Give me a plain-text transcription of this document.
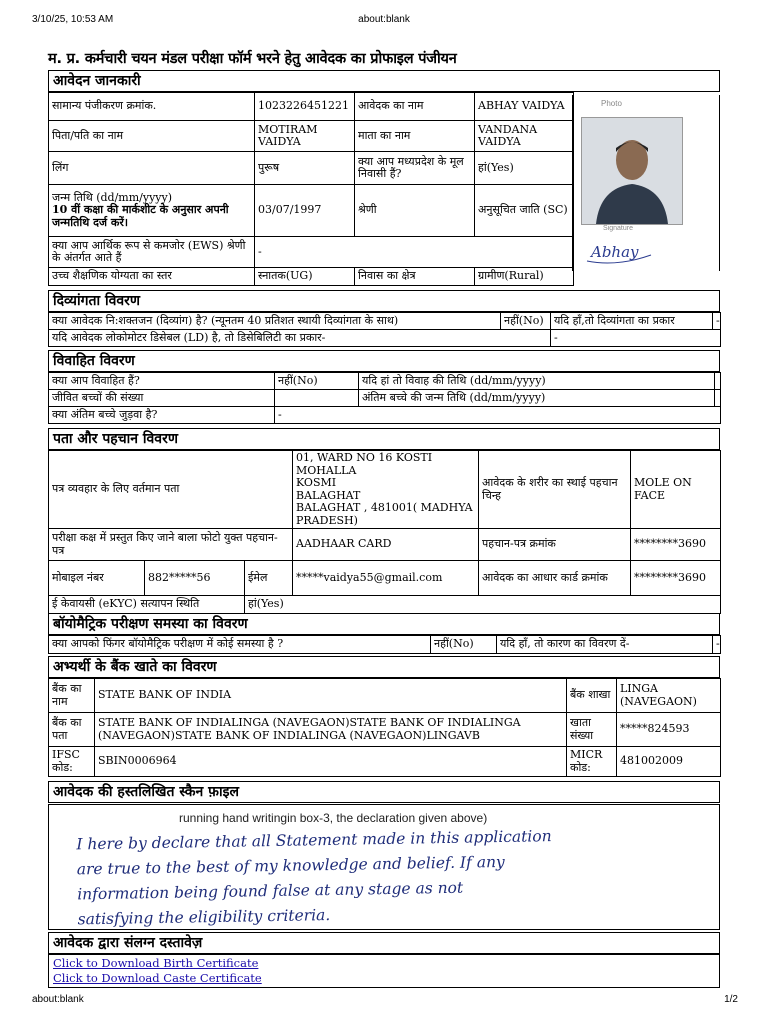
3/10/25, 10:53 AM	about:blank
म. प्र. कर्मचारी चयन मंडल परीक्षा फॉर्म भरने हेतु आवेदक का प्रोफाइल पंजीयन
आवेदन जानकारी
सामान्य पंजीकरण क्रमांक.	1023226451221	आवेदक का नाम	ABHAY VAIDYA
पिता/पति का नाम	MOTIRAM VAIDYA	माता का नाम	VANDANA VAIDYA
लिंग	पुरूष	क्या आप मध्यप्रदेश के मूल निवासी हैं?	हां(Yes)

जन्म तिथि (dd/mm/yyyy)
10 वीं कक्षा की मार्कशीट के अनुसार अपनी जन्मतिथि दर्ज करें।	03/07/1997	श्रेणी	अनुसूचित जाति (SC)
क्या आप आर्थिक रूप से कमजोर (EWS) श्रेणी के अंतर्गत आते हैं	-		
उच्च शैक्षणिक योग्यता का स्तर	स्नातक(UG)	निवास का क्षेत्र	ग्रामीण(Rural)
Photo
Signature
Abhay
दिव्यांगता विवरण
क्या आवेदक नि:शक्तजन (दिव्यांग) है? (न्यूनतम 40 प्रतिशत स्थायी दिव्यांगता के साथ)	नहीं(No)	यदि हाँ,तो दिव्यांगता का प्रकार	-
यदि आवेदक लोकोमोटर डिसेबल (LD) है, तो डिसेबिलिटी का प्रकार-		-	
विवाहित विवरण
क्या आप विवाहित हैं?	नहीं(No)	यदि हां तो विवाह की तिथि (dd/mm/yyyy)	
जीवित बच्चों की संख्या		अंतिम बच्चे की जन्म तिथि (dd/mm/yyyy)	
क्या अंतिम बच्चे जुड़वा है?	-		
पता और पहचान विवरण
पत्र व्यवहार के लिए वर्तमान पता			01, WARD NO 16 KOSTI MOHALLA
KOSMI
BALAGHAT
BALAGHAT , 481001( MADHYA PRADESH)	आवेदक के शरीर का स्थाई पहचान चिन्ह	MOLE ON FACE
परीक्षा कक्ष में प्रस्तुत किए जाने बाला फोटो युक्त पहचान-पत्र			AADHAAR CARD	पहचान-पत्र क्रमांक	********3690
मोबाइल नंबर	882*****56	ईमेल	*****vaidya55@gmail.com	आवेदक का आधार कार्ड क्रमांक	********3690
ई केवायसी (eKYC) सत्यापन स्थिति		हां(Yes)			
बॉयोमैट्रिक परीक्षण समस्या का विवरण
क्या आपको फिंगर बॉयोमैट्रिक परीक्षण में कोई समस्या है ?	नहीं(No)	यदि हाँ, तो कारण का विवरण दें-	-
अभ्यर्थी के बैंक खाते का विवरण
बैंक का नाम	STATE BANK OF INDIA	बैंक शाखा	LINGA (NAVEGAON)
बैंक का पता	STATE BANK OF INDIALINGA (NAVEGAON)STATE BANK OF INDIALINGA (NAVEGAON)STATE BANK OF INDIALINGA (NAVEGAON)LINGAVB	खाता संख्या	*****824593
IFSC कोड:	SBIN0006964	MICR कोड:	481002009
आवेदक की हस्तलिखित स्कैन फ़ाइल
running hand writingin box-3, the declaration given above)
I here by declare that all Statement made in this application
are true to the best of my knowledge and belief. If any
information being found false at any stage as not
satisfying the eligibility criteria.
आवेदक द्वारा संलग्न दस्तावेज़
Click to Download Birth Certificate
Click to Download Caste Certificate
about:blank	1/2
